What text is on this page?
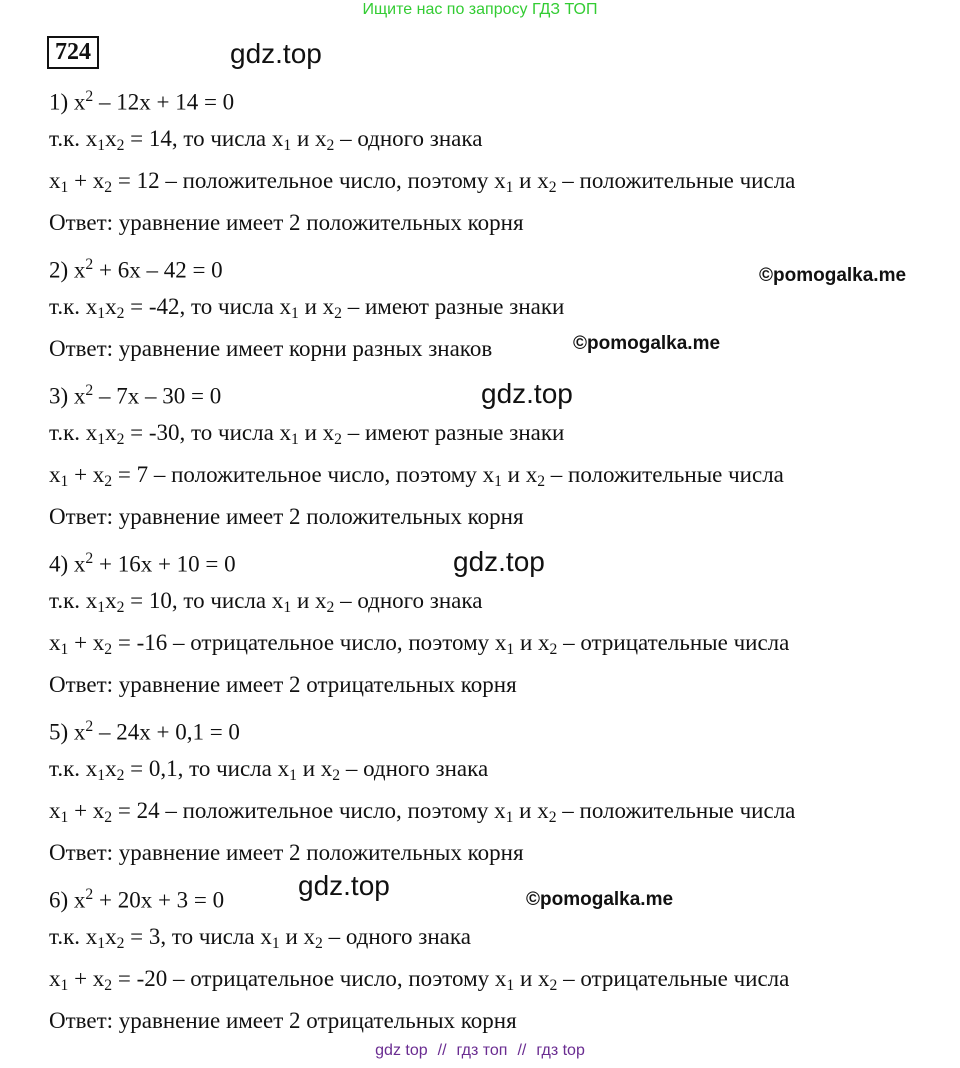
Ищите нас по запросу ГДЗ ТОП
724
1) $x^2 - 12x + 14 = 0$
т.к. $x_1x_2 = 14$, то числа $x_1$ и $x_2$ – одного знака
$x_1 + x_2 = 12$ – положительное число, поэтому $x_1$ и $x_2$ – положительные числа
Ответ: уравнение имеет 2 положительных корня
2) $x^2 + 6x - 42 = 0$
т.к. $x_1x_2 = -42$, то числа $x_1$ и $x_2$ – имеют разные знаки
Ответ: уравнение имеет корни разных знаков
3) $x^2 - 7x - 30 = 0$
т.к. $x_1x_2 = -30$, то числа $x_1$ и $x_2$ – имеют разные знаки
$x_1 + x_2 = 7$ – положительное число, поэтому $x_1$ и $x_2$ – положительные числа
Ответ: уравнение имеет 2 положительных корня
4) $x^2 + 16x + 10 = 0$
т.к. $x_1x_2 = 10$, то числа $x_1$ и $x_2$ – одного знака
$x_1 + x_2 = -16$ – отрицательное число, поэтому $x_1$ и $x_2$ – отрицательные числа
Ответ: уравнение имеет 2 отрицательных корня
5) $x^2 - 24x + 0,1 = 0$
т.к. $x_1x_2 = 0,1$, то числа $x_1$ и $x_2$ – одного знака
$x_1 + x_2 = 24$ – положительное число, поэтому $x_1$ и $x_2$ – положительные числа
Ответ: уравнение имеет 2 положительных корня
6) $x^2 + 20x + 3 = 0$
т.к. $x_1x_2 = 3$, то числа $x_1$ и $x_2$ – одного знака
$x_1 + x_2 = -20$ – отрицательное число, поэтому $x_1$ и $x_2$ – отрицательные числа
Ответ: уравнение имеет 2 отрицательных корня
gdz.top
gdz.top
gdz.top
gdz.top
©pomogalka.me
©pomogalka.me
©pomogalka.me
gdz top // гдз топ // гдз top
